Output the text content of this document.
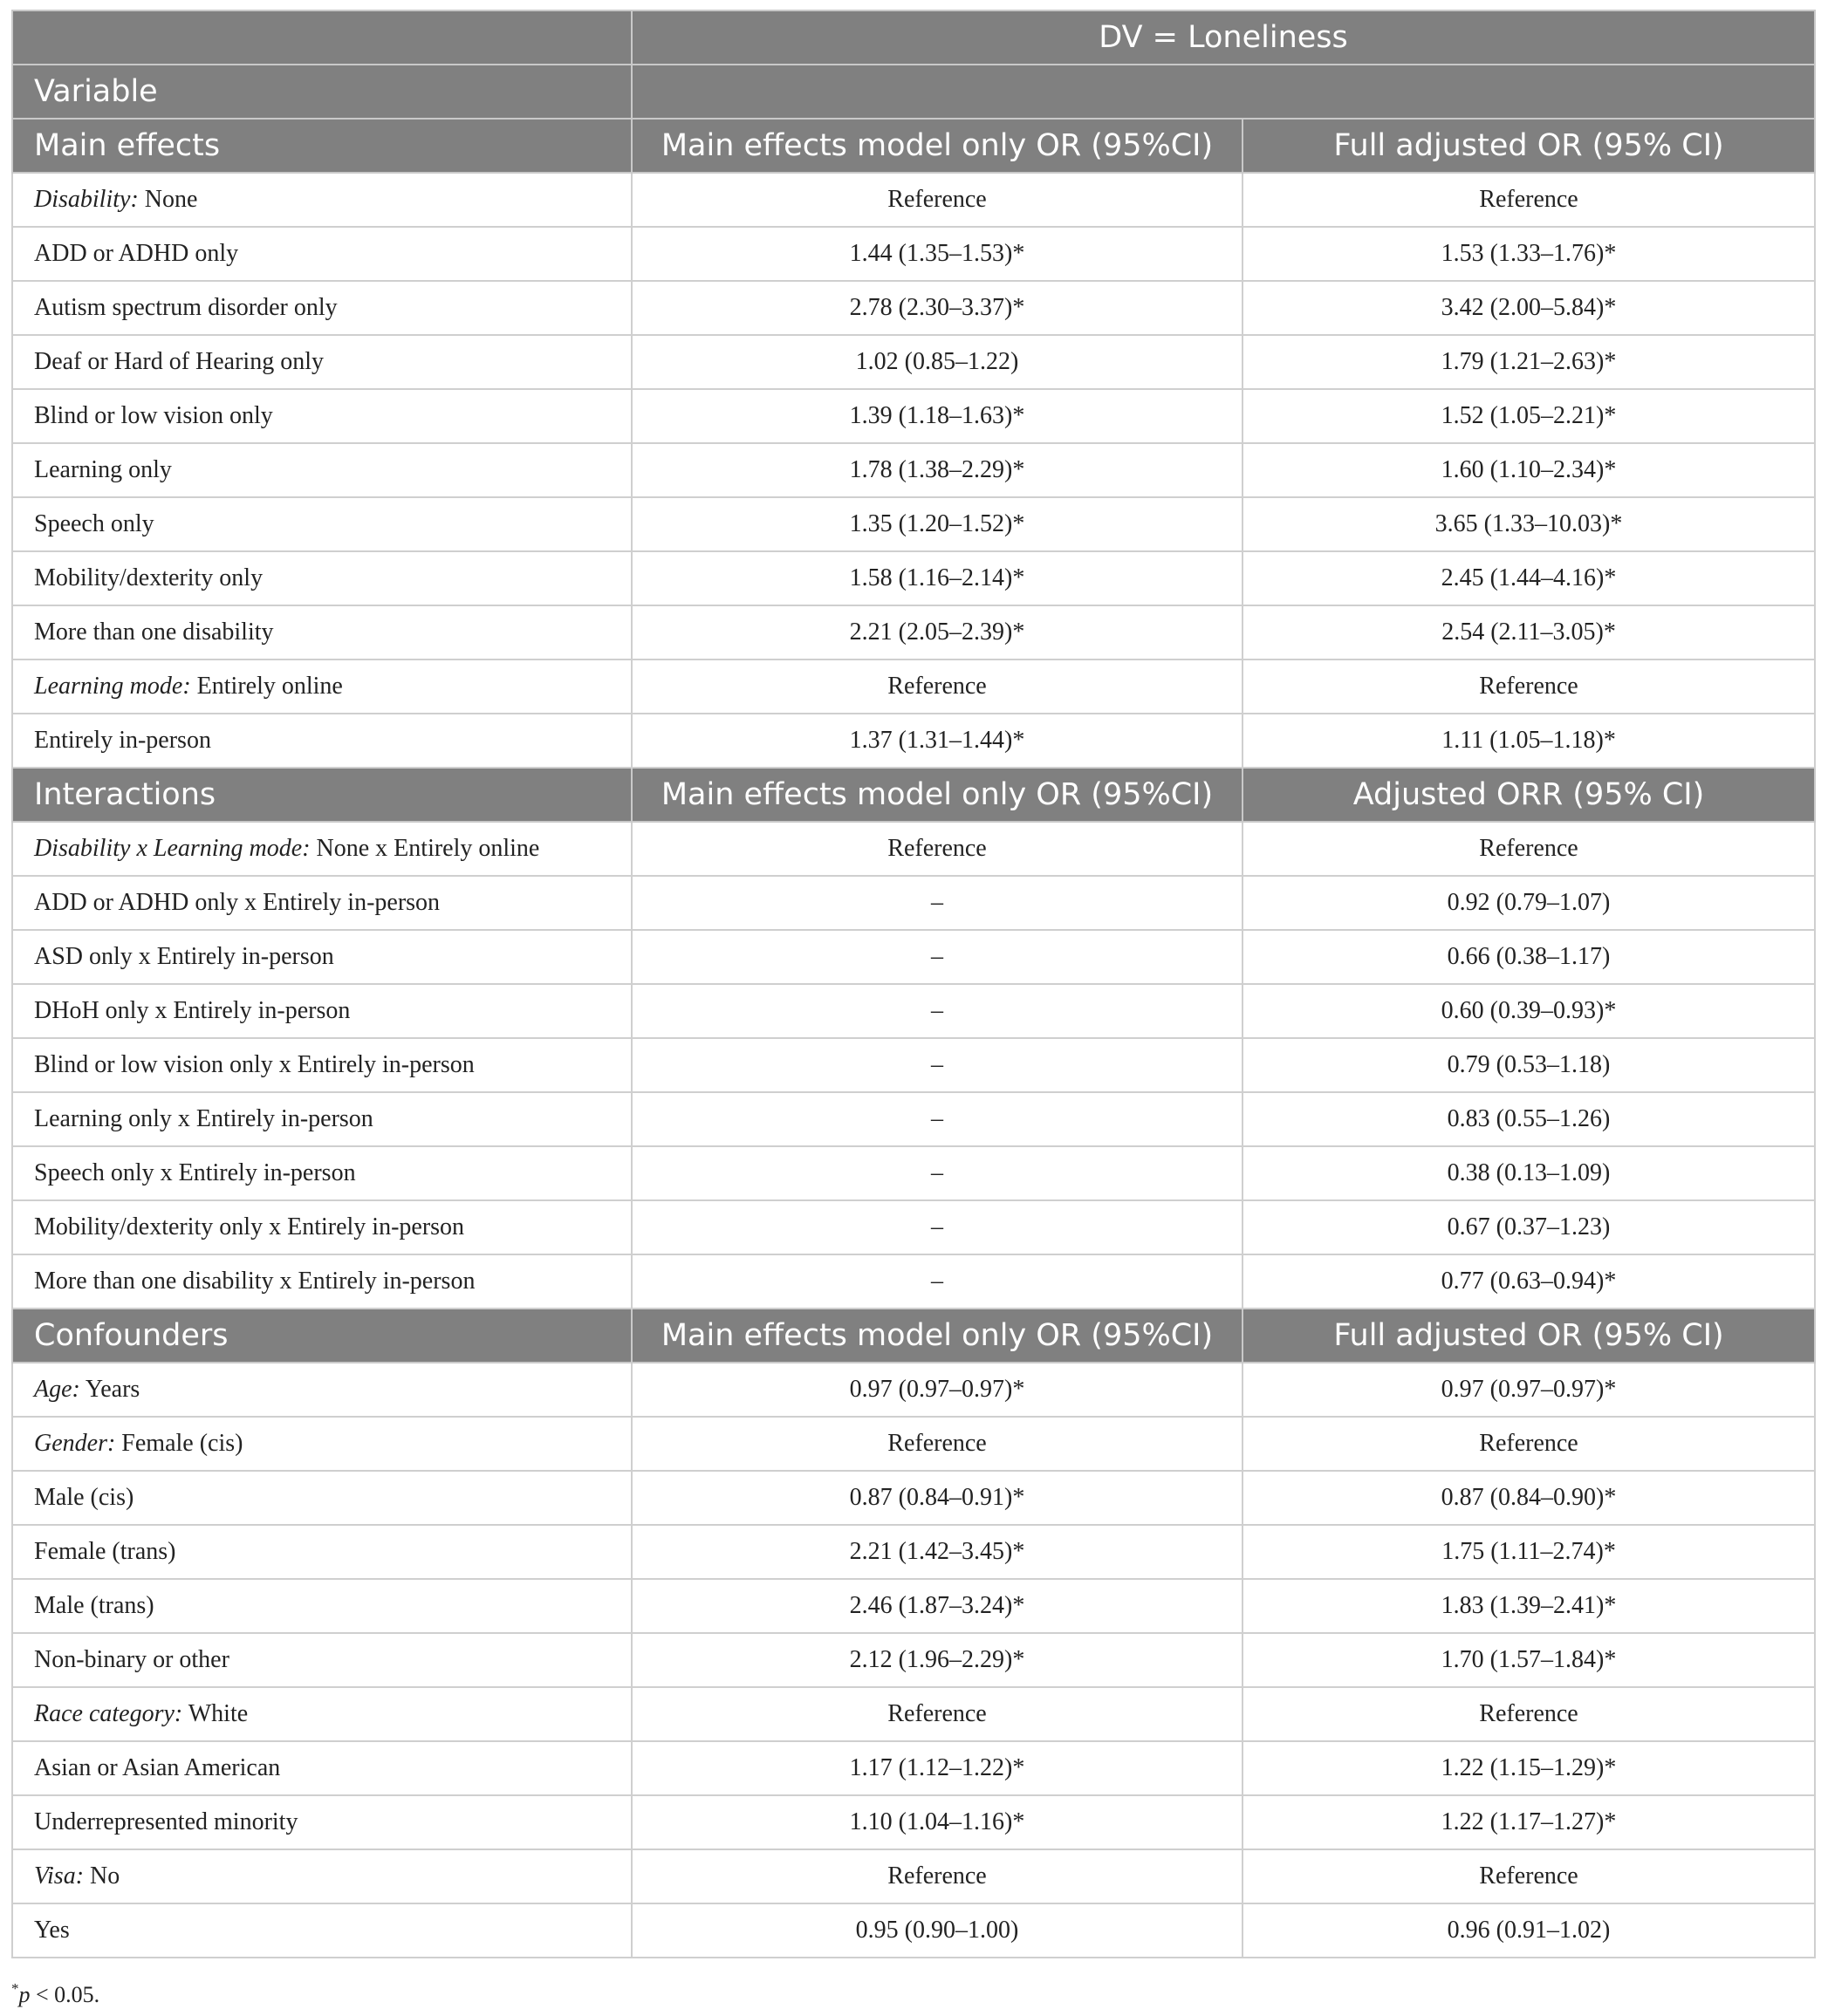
	DV = Loneliness	
Variable		
Main effects	Main effects model only OR (95%CI)	Full adjusted OR (95% CI)
Disability: None	Reference	Reference
ADD or ADHD only	1.44 (1.35–1.53)*	1.53 (1.33–1.76)*
Autism spectrum disorder only	2.78 (2.30–3.37)*	3.42 (2.00–5.84)*
Deaf or Hard of Hearing only	1.02 (0.85–1.22)	1.79 (1.21–2.63)*
Blind or low vision only	1.39 (1.18–1.63)*	1.52 (1.05–2.21)*
Learning only	1.78 (1.38–2.29)*	1.60 (1.10–2.34)*
Speech only	1.35 (1.20–1.52)*	3.65 (1.33–10.03)*
Mobility/dexterity only	1.58 (1.16–2.14)*	2.45 (1.44–4.16)*
More than one disability	2.21 (2.05–2.39)*	2.54 (2.11–3.05)*
Learning mode: Entirely online	Reference	Reference
Entirely in-person	1.37 (1.31–1.44)*	1.11 (1.05–1.18)*
Interactions	Main effects model only OR (95%CI)	Adjusted ORR (95% CI)
Disability x Learning mode: None x Entirely online	Reference	Reference
ADD or ADHD only x Entirely in-person	–	0.92 (0.79–1.07)
ASD only x Entirely in-person	–	0.66 (0.38–1.17)
DHoH only x Entirely in-person	–	0.60 (0.39–0.93)*
Blind or low vision only x Entirely in-person	–	0.79 (0.53–1.18)
Learning only x Entirely in-person	–	0.83 (0.55–1.26)
Speech only x Entirely in-person	–	0.38 (0.13–1.09)
Mobility/dexterity only x Entirely in-person	–	0.67 (0.37–1.23)
More than one disability x Entirely in-person	–	0.77 (0.63–0.94)*
Confounders	Main effects model only OR (95%CI)	Full adjusted OR (95% CI)
Age: Years	0.97 (0.97–0.97)*	0.97 (0.97–0.97)*
Gender: Female (cis)	Reference	Reference
Male (cis)	0.87 (0.84–0.91)*	0.87 (0.84–0.90)*
Female (trans)	2.21 (1.42–3.45)*	1.75 (1.11–2.74)*
Male (trans)	2.46 (1.87–3.24)*	1.83 (1.39–2.41)*
Non-binary or other	2.12 (1.96–2.29)*	1.70 (1.57–1.84)*
Race category: White	Reference	Reference
Asian or Asian American	1.17 (1.12–1.22)*	1.22 (1.15–1.29)*
Underrepresented minority	1.10 (1.04–1.16)*	1.22 (1.17–1.27)*
Visa: No	Reference	Reference
Yes	0.95 (0.90–1.00)	0.96 (0.91–1.02)
*p < 0.05.
